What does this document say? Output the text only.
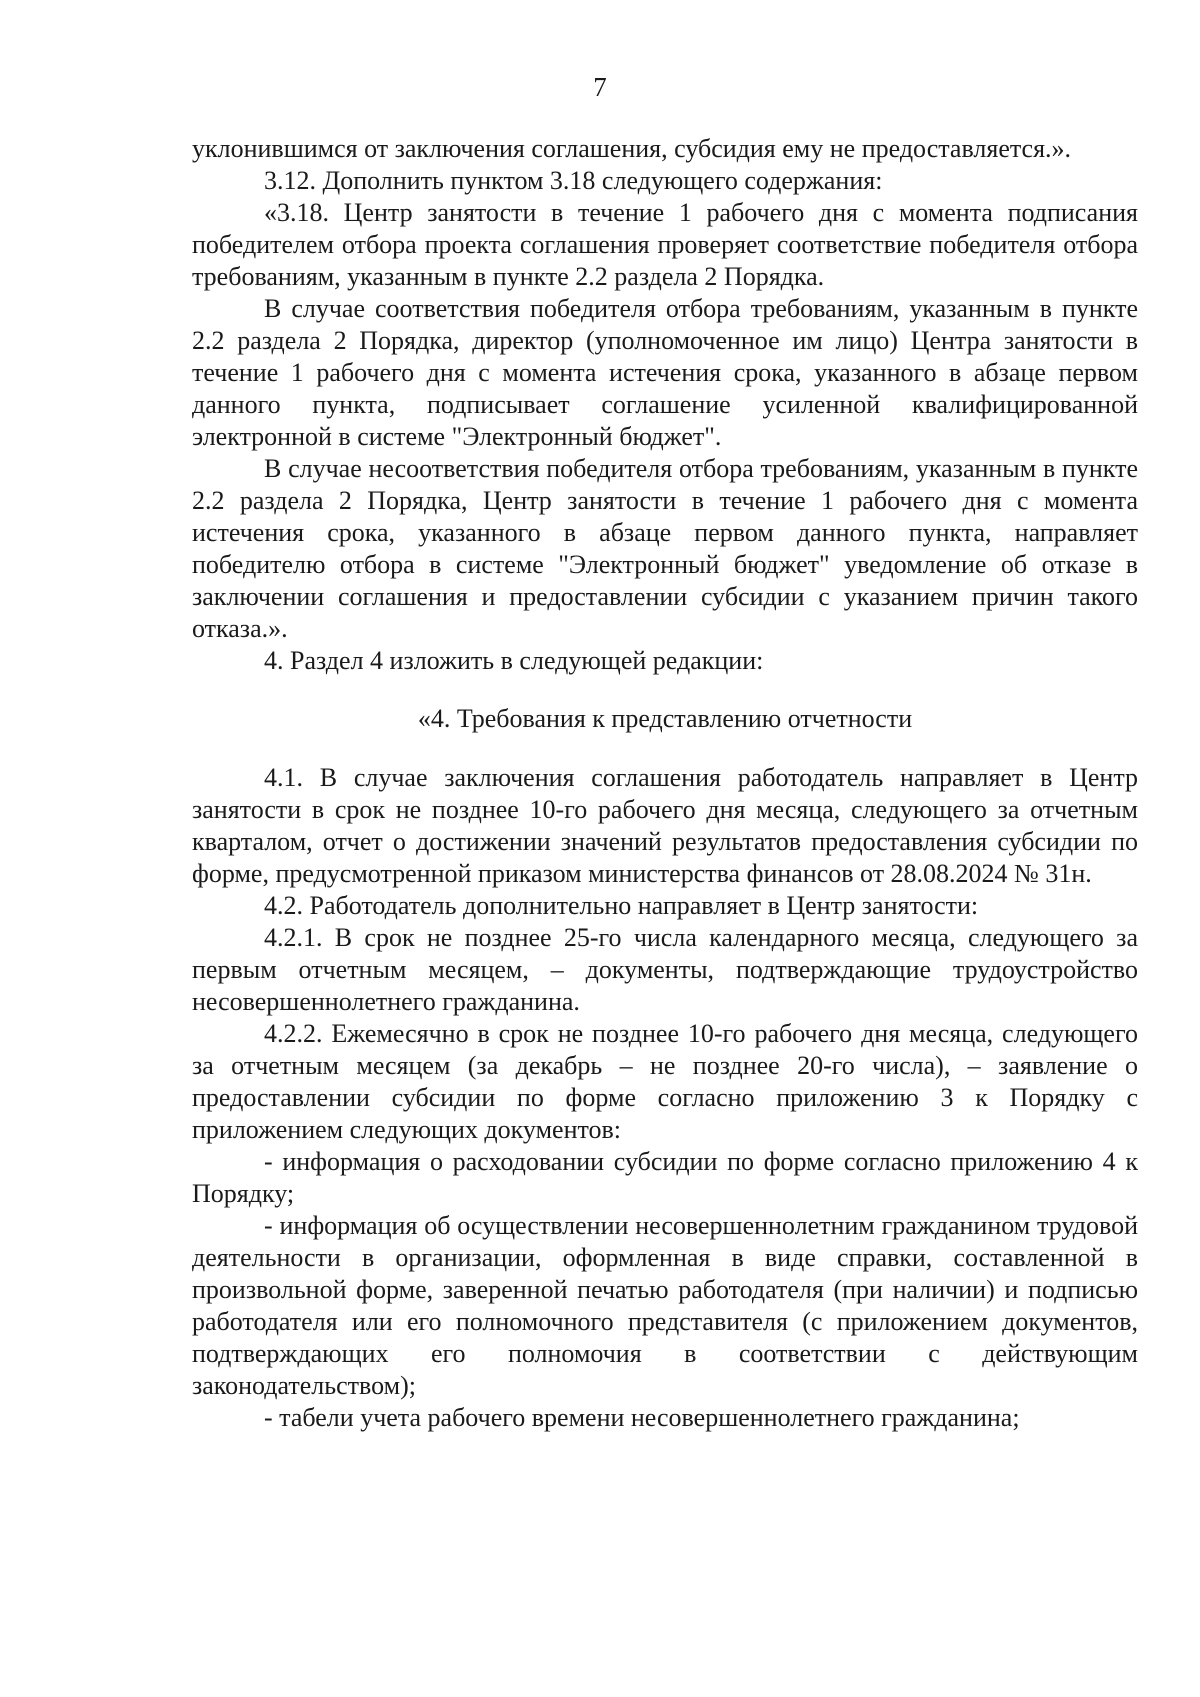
7

уклонившимся от заключения соглашения, субсидия ему не предоставляется.».

3.12. Дополнить пунктом 3.18 следующего содержания:

«3.18. Центр занятости в течение 1 рабочего дня с момента подписания победителем отбора проекта соглашения проверяет соответствие победителя отбора требованиям, указанным в пункте 2.2 раздела 2 Порядка.

В случае соответствия победителя отбора требованиям, указанным в пункте 2.2 раздела 2 Порядка, директор (уполномоченное им лицо) Центра занятости в течение 1 рабочего дня с момента истечения срока, указанного в абзаце первом данного пункта, подписывает соглашение усиленной квалифицированной электронной в системе "Электронный бюджет".

В случае несоответствия победителя отбора требованиям, указанным в пункте 2.2 раздела 2 Порядка, Центр занятости в течение 1 рабочего дня с момента истечения срока, указанного в абзаце первом данного пункта, направляет победителю отбора в системе "Электронный бюджет" уведомление об отказе в заключении соглашения и предоставлении субсидии с указанием причин такого отказа.».

4. Раздел 4 изложить в следующей редакции:

«4. Требования к представлению отчетности

4.1. В случае заключения соглашения работодатель направляет в Центр занятости в срок не позднее 10-го рабочего дня месяца, следующего за отчетным кварталом, отчет о достижении значений результатов предоставления субсидии по форме, предусмотренной приказом министерства финансов от 28.08.2024 № 31н.

4.2. Работодатель дополнительно направляет в Центр занятости:

4.2.1. В срок не позднее 25-го числа календарного месяца, следующего за первым отчетным месяцем, – документы, подтверждающие трудоустройство несовершеннолетнего гражданина.

4.2.2. Ежемесячно в срок не позднее 10-го рабочего дня месяца, следующего за отчетным месяцем (за декабрь – не позднее 20-го числа), – заявление о предоставлении субсидии по форме согласно приложению 3 к Порядку с приложением следующих документов:

- информация о расходовании субсидии по форме согласно приложению 4 к Порядку;

- информация об осуществлении несовершеннолетним гражданином трудовой деятельности в организации, оформленная в виде справки, составленной в произвольной форме, заверенной печатью работодателя (при наличии) и подписью работодателя или его полномочного представителя (с приложением документов, подтверждающих его полномочия в соответствии с действующим законодательством);

- табели учета рабочего времени несовершеннолетнего гражданина;
